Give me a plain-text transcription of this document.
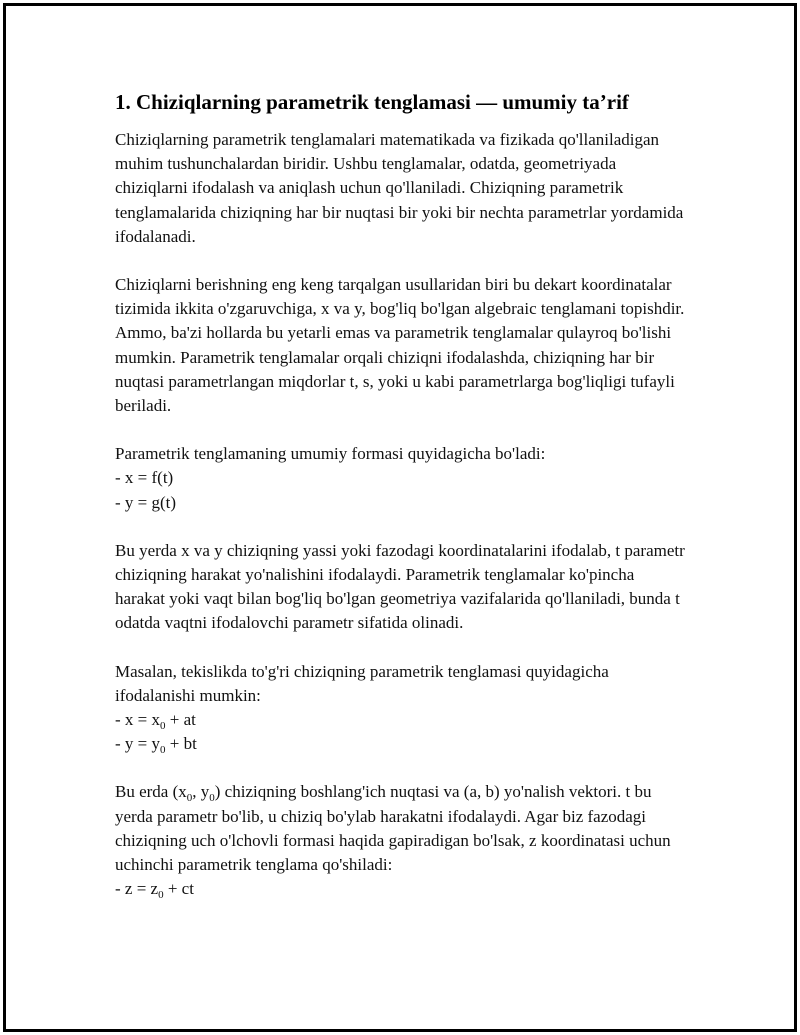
1. Chiziqlarning parametrik tenglamasi — umumiy ta’rif

Chiziqlarning parametrik tenglamalari matematikada va fizikada qo'llaniladigan muhim tushunchalardan biridir. Ushbu tenglamalar, odatda, geometriyada chiziqlarni ifodalash va aniqlash uchun qo'llaniladi. Chiziqning parametrik tenglamalarida chiziqning har bir nuqtasi bir yoki bir nechta parametrlar yordamida ifodalanadi.

Chiziqlarni berishning eng keng tarqalgan usullaridan biri bu dekart koordinatalar tizimida ikkita o'zgaruvchiga, x va y, bog'liq bo'lgan algebraic tenglamani topishdir. Ammo, ba'zi hollarda bu yetarli emas va parametrik tenglamalar qulayroq bo'lishi mumkin. Parametrik tenglamalar orqali chiziqni ifodalashda, chiziqning har bir nuqtasi parametrlangan miqdorlar t, s, yoki u kabi parametrlarga bog'liqligi tufayli beriladi.

Parametrik tenglamaning umumiy formasi quyidagicha bo'ladi:
- x = f(t)
- y = g(t)

Bu yerda x va y chiziqning yassi yoki fazodagi koordinatalarini ifodalab, t parametr chiziqning harakat yo'nalishini ifodalaydi. Parametrik tenglamalar ko'pincha harakat yoki vaqt bilan bog'liq bo'lgan geometriya vazifalarida qo'llaniladi, bunda t odatda vaqtni ifodalovchi parametr sifatida olinadi.

Masalan, tekislikda to'g'ri chiziqning parametrik tenglamasi quyidagicha ifodalanishi mumkin:
- $x = x_0$ + at
- $y = y_0$ + bt

Bu erda ($x_0$, $y_0$) chiziqning boshlang'ich nuqtasi va (a, b) yo'nalish vektori. t bu yerda parametr bo'lib, u chiziq bo'ylab harakatni ifodalaydi. Agar biz fazodagi chiziqning uch o'lchovli formasi haqida gapiradigan bo'lsak, z koordinatasi uchun uchinchi parametrik tenglama qo'shiladi:
- $z = z_0$ + ct
